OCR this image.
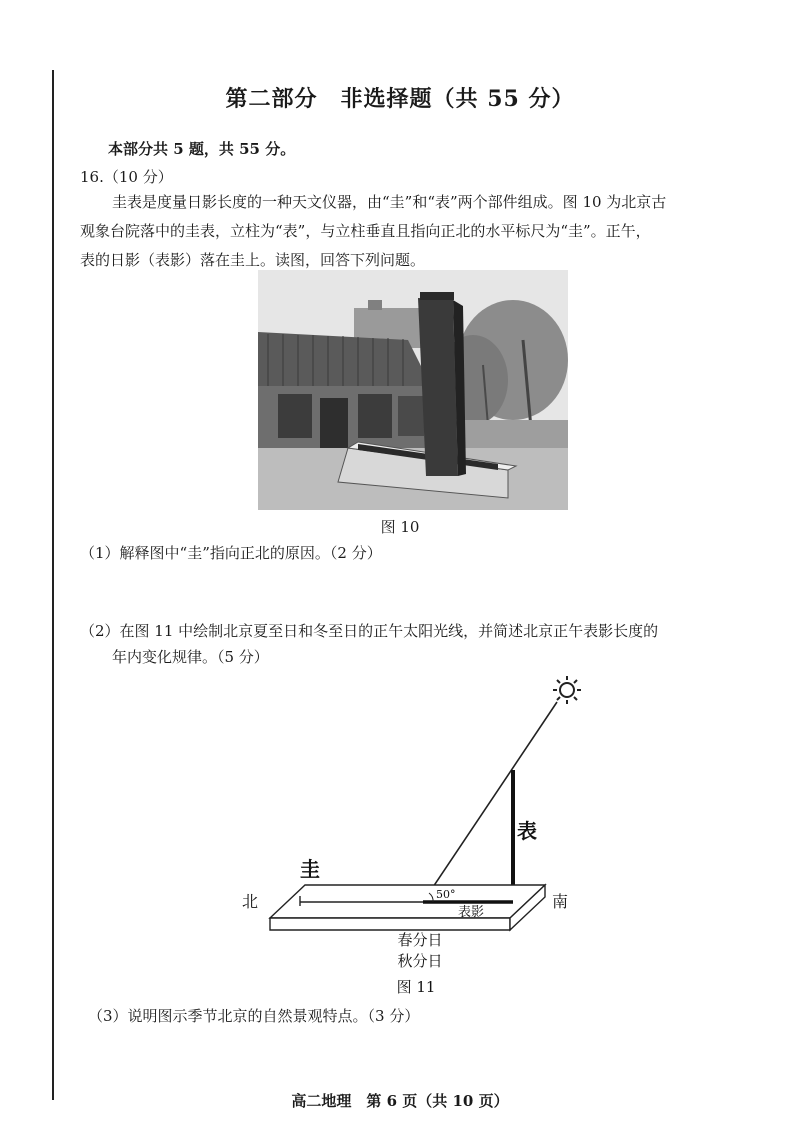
第二部分　非选择题（共 55 分）
本部分共 5 题，共 55 分。
16.（10 分）

圭表是度量日影长度的一种天文仪器，由“圭”和“表”两个部件组成。图 10 为北京古

观象台院落中的圭表，立柱为“表”，与立柱垂直且指向正北的水平标尺为“圭”。正午，

表的日影（表影）落在圭上。读图，回答下列问题。

图 10
（1）解释图中“圭”指向正北的原因。（2 分）
（2）在图 11 中绘制北京夏至日和冬至日的正午太阳光线，并简述北京正午表影长度的
年内变化规律。（5 分）
圭
表
北	南
50°
表影
春分日
秋分日
图 11
（3）说明图示季节北京的自然景观特点。（3 分）
高二地理　第 6 页（共 10 页）
